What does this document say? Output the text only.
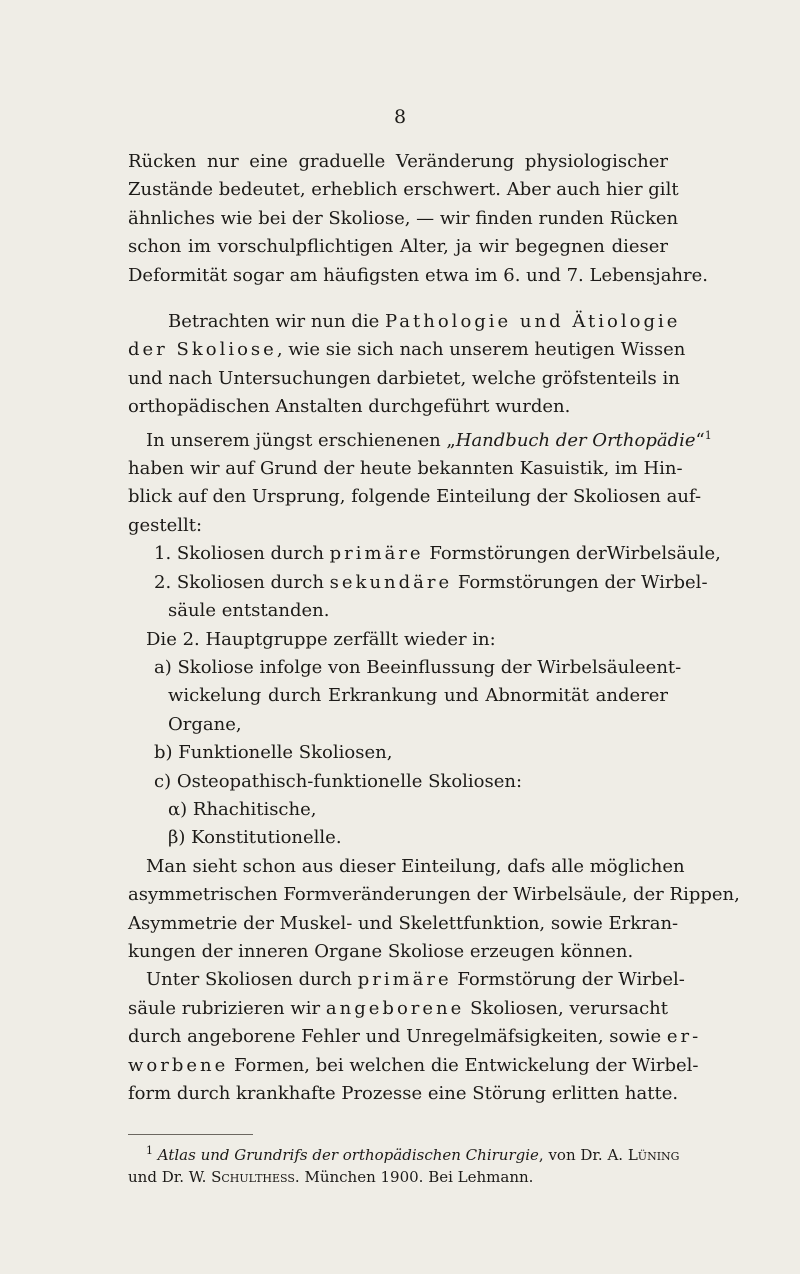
8
Rücken nur eine graduelle Veränderung physiologischer
Zustände bedeutet, erheblich erschwert. Aber auch hier gilt
ähnliches wie bei der Skoliose, — wir finden runden Rücken
schon im vorschulpflichtigen Alter, ja wir begegnen dieser
Deformität sogar am häufigsten etwa im 6. und 7. Lebensjahre.
Betrachten wir nun die Pathologie und Ätiologie
der Skoliose, wie sie sich nach unserem heutigen Wissen
und nach Untersuchungen darbietet, welche gröfstenteils in
orthopädischen Anstalten durchgeführt wurden.
In unserem jüngst erschienenen „Handbuch der Orthopädie“$^1$
haben wir auf Grund der heute bekannten Kasuistik, im Hin-
blick auf den Ursprung, folgende Einteilung der Skoliosen auf-
gestellt:
1. Skoliosen durch primäre Formstörungen derWirbelsäule,
2. Skoliosen durch sekundäre Formstörungen der Wirbel-
säule entstanden.
Die 2. Hauptgruppe zerfällt wieder in:
a) Skoliose infolge von Beeinflussung der Wirbelsäuleent-
wickelung durch Erkrankung und Abnormität anderer
Organe,
b) Funktionelle Skoliosen,
c) Osteopathisch-funktionelle Skoliosen:
α) Rhachitische,
β) Konstitutionelle.
Man sieht schon aus dieser Einteilung, dafs alle möglichen
asymmetrischen Formveränderungen der Wirbelsäule, der Rippen,
Asymmetrie der Muskel- und Skelettfunktion, sowie Erkran-
kungen der inneren Organe Skoliose erzeugen können.
Unter Skoliosen durch primäre Formstörung der Wirbel-
säule rubrizieren wir angeborene Skoliosen, verursacht
durch angeborene Fehler und Unregelmäfsigkeiten, sowie er-
worbene Formen, bei welchen die Entwickelung der Wirbel-
form durch krankhafte Prozesse eine Störung erlitten hatte.
$^1$ Atlas und Grundrifs der orthopädischen Chirurgie, von Dr. A. Lüning
und Dr. W. Schulthess. München 1900. Bei Lehmann.
